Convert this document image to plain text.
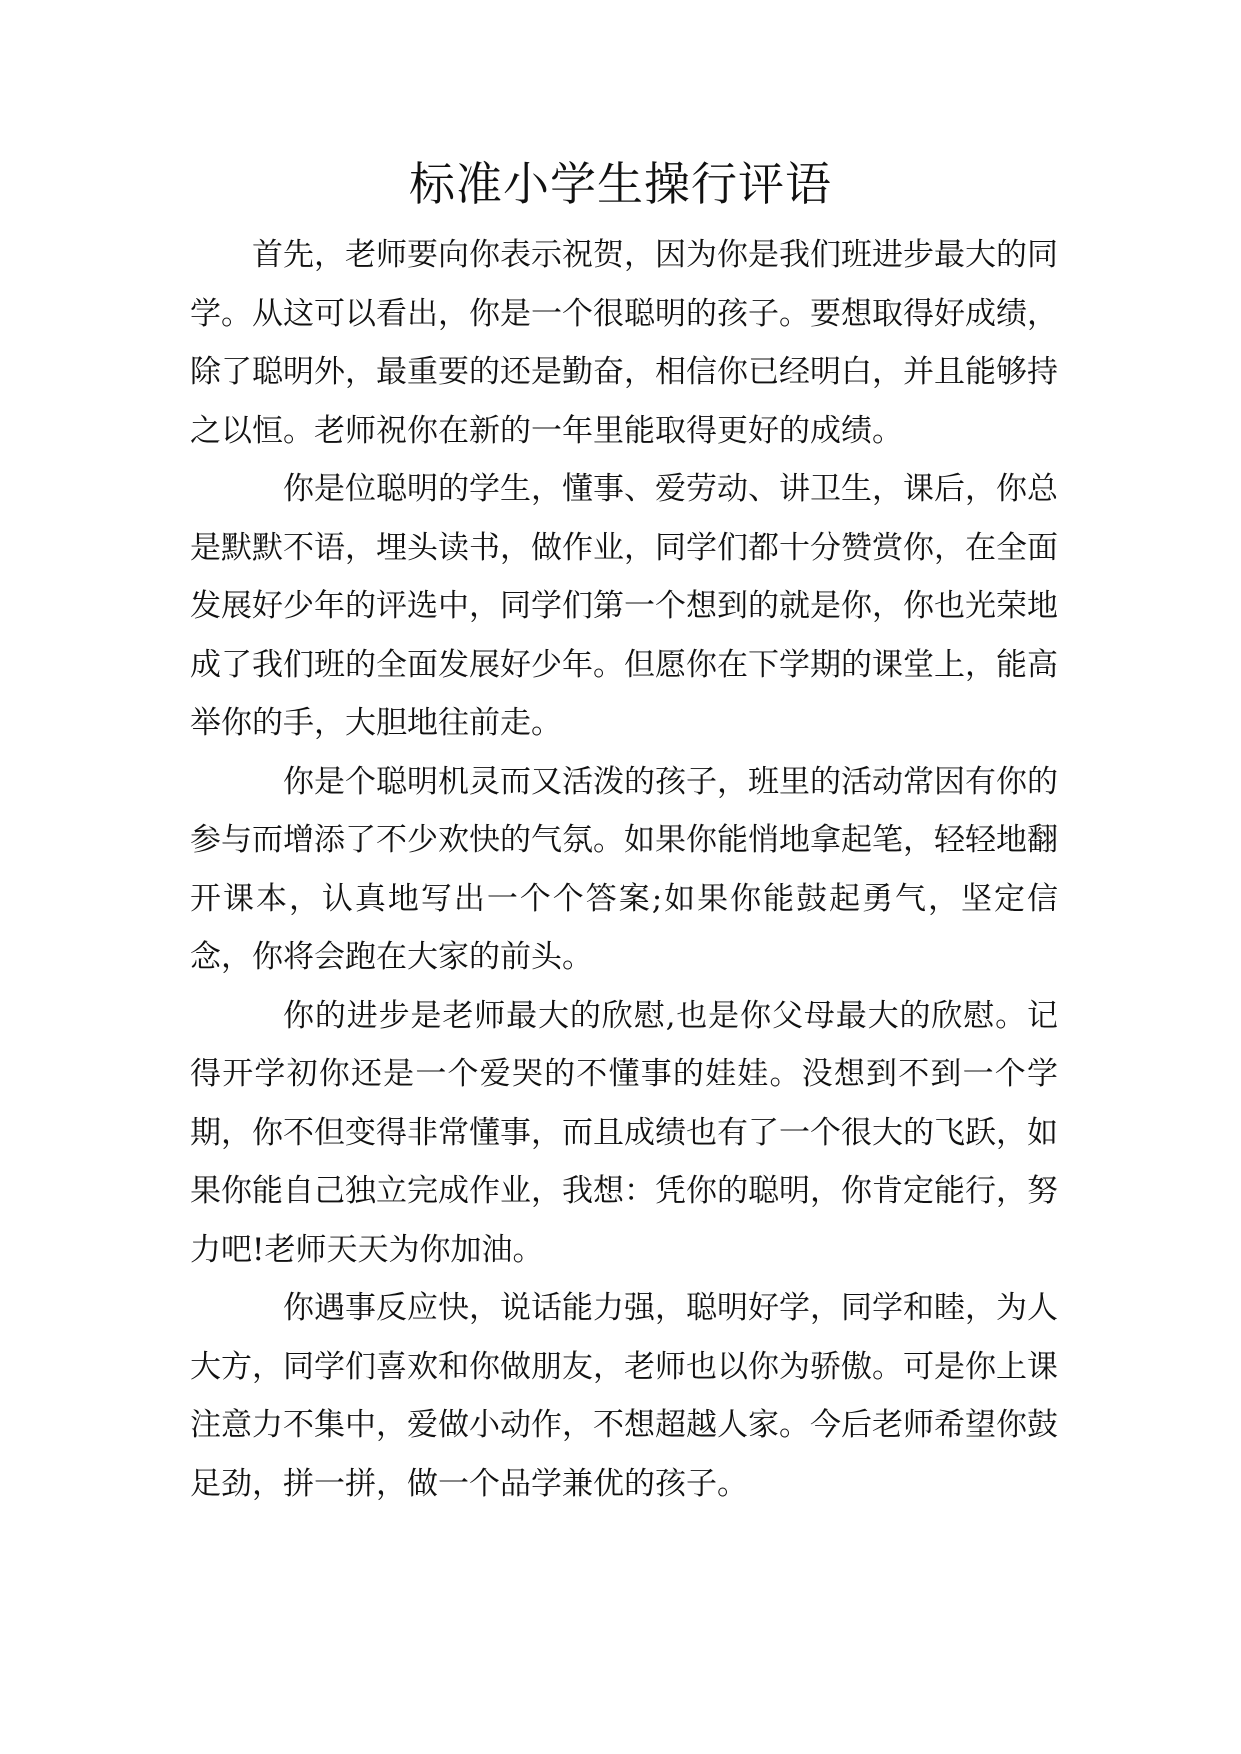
标准小学生操行评语

首先，老师要向你表示祝贺，因为你是我们班进步最大的同学。从这可以看出，你是一个很聪明的孩子。要想取得好成绩，除了聪明外，最重要的还是勤奋，相信你已经明白，并且能够持之以恒。老师祝你在新的一年里能取得更好的成绩。

你是位聪明的学生，懂事、爱劳动、讲卫生，课后，你总是默默不语，埋头读书，做作业，同学们都十分赞赏你，在全面发展好少年的评选中，同学们第一个想到的就是你，你也光荣地成了我们班的全面发展好少年。但愿你在下学期的课堂上，能高举你的手，大胆地往前走。

你是个聪明机灵而又活泼的孩子，班里的活动常因有你的参与而增添了不少欢快的气氛。如果你能悄地拿起笔，轻轻地翻开课本，认真地写出一个个答案;如果你能鼓起勇气，坚定信念，你将会跑在大家的前头。

你的进步是老师最大的欣慰,也是你父母最大的欣慰。记得开学初你还是一个爱哭的不懂事的娃娃。没想到不到一个学期，你不但变得非常懂事，而且成绩也有了一个很大的飞跃，如果你能自己独立完成作业，我想：凭你的聪明，你肯定能行，努力吧!老师天天为你加油。

你遇事反应快，说话能力强，聪明好学，同学和睦，为人大方，同学们喜欢和你做朋友，老师也以你为骄傲。可是你上课注意力不集中，爱做小动作，不想超越人家。今后老师希望你鼓足劲，拼一拼，做一个品学兼优的孩子。
